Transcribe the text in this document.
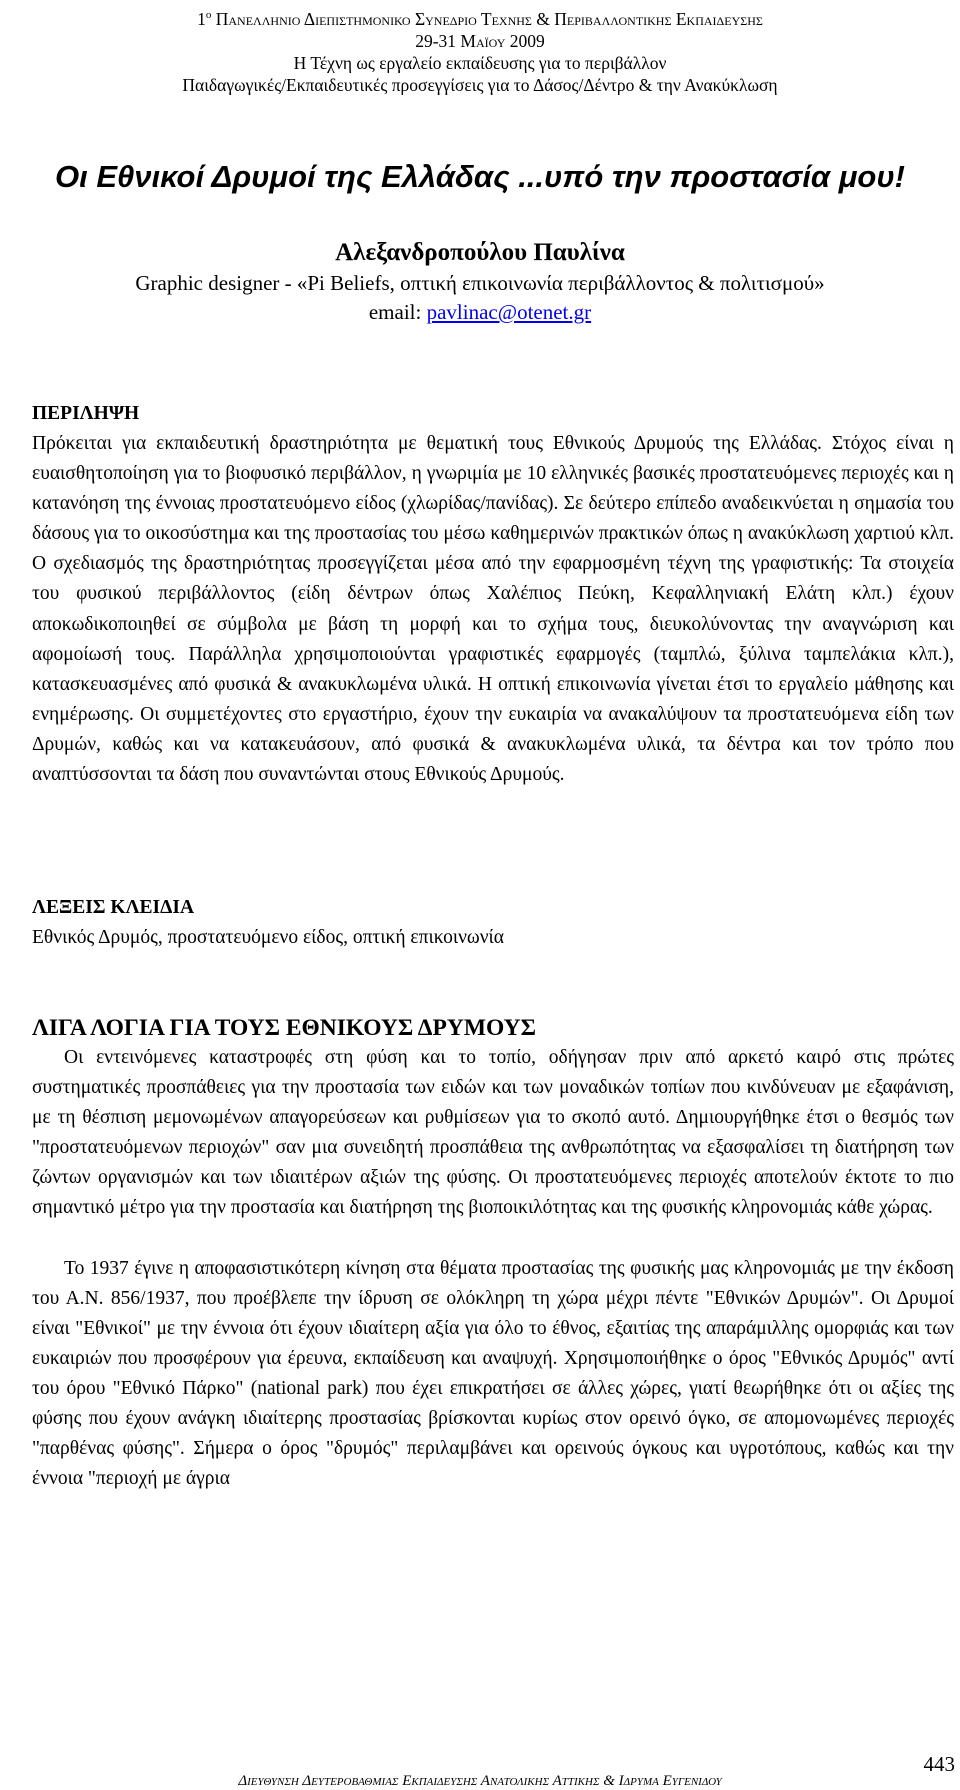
$1^o$ Πανελληνιο Διεπιστημονικο Συνεδριο Τεχνησ & Περιβαλλοντικησ Εκπαιδευσησ
29-31 Μαϊου 2009
Η Τέχνη ως εργαλείο εκπαίδευσης για το περιβάλλον
Παιδαγωγικές/Εκπαιδευτικές προσεγγίσεις για το Δάσος/Δέντρο & την Ανακύκλωση
Οι Εθνικοί Δρυμοί της Ελλάδας ...υπό την προστασία μου!
Αλεξανδροπούλου Παυλίνα
Graphic designer - «Pi Beliefs, οπτική επικοινωνία περιβάλλοντος & πολιτισμού»
email: pavlinac@otenet.gr
ΠΕΡΙΛΗΨΗ

Πρόκειται για εκπαιδευτική δραστηριότητα με θεματική τους Εθνικούς Δρυμούς της Ελλάδας. Στόχος είναι η ευαισθητοποίηση για το βιοφυσικό περιβάλλον, η γνωριμία με 10 ελληνικές βασικές προστατευόμενες περιοχές και η κατανόηση της έννοιας προστατευόμενο είδος (χλωρίδας/πανίδας). Σε δεύτερο επίπεδο αναδεικνύεται η σημασία του δάσους για το οικοσύστημα και της προστασίας του μέσω καθημερινών πρακτικών όπως η ανακύκλωση χαρτιού κλπ. Ο σχεδιασμός της δραστηριότητας προσεγγίζεται μέσα από την εφαρμοσμένη τέχνη της γραφιστικής: Τα στοιχεία του φυσικού περιβάλλοντος (είδη δέντρων όπως Χαλέπιος Πεύκη, Κεφαλληνιακή Ελάτη κλπ.) έχουν αποκωδικοποιηθεί σε σύμβολα με βάση τη μορφή και το σχήμα τους, διευκολύνοντας την αναγνώριση και αφομοίωσή τους. Παράλληλα χρησιμοποιούνται γραφιστικές εφαρμογές (ταμπλώ, ξύλινα ταμπελάκια κλπ.), κατασκευασμένες από φυσικά & ανακυκλωμένα υλικά. Η οπτική επικοινωνία γίνεται έτσι το εργαλείο μάθησης και ενημέρωσης. Οι συμμετέχοντες στο εργαστήριο, έχουν την ευκαιρία να ανακαλύψουν τα προστατευόμενα είδη των Δρυμών, καθώς και να κατακευάσουν, από φυσικά & ανακυκλωμένα υλικά, τα δέντρα και τον τρόπο που αναπτύσσονται τα δάση που συναντώνται στους Εθνικούς Δρυμούς.

ΛΕΞΕΙΣ ΚΛΕΙΔΙΑ

Εθνικός Δρυμός, προστατευόμενο είδος, οπτική επικοινωνία

ΛΙΓΑ ΛΟΓΙΑ ΓΙΑ ΤΟΥΣ ΕΘΝΙΚΟΥΣ ΔΡΥΜΟΥΣ

Οι εντεινόμενες καταστροφές στη φύση και το τοπίο, οδήγησαν πριν από αρκετό καιρό στις πρώτες συστηματικές προσπάθειες για την προστασία των ειδών και των μοναδικών τοπίων που κινδύνευαν με εξαφάνιση, με τη θέσπιση μεμονωμένων απαγορεύσεων και ρυθμίσεων για το σκοπό αυτό. Δημιουργήθηκε έτσι ο θεσμός των "προστατευόμενων περιοχών" σαν μια συνειδητή προσπάθεια της ανθρωπότητας να εξασφαλίσει τη διατήρηση των ζώντων οργανισμών και των ιδιαιτέρων αξιών της φύσης. Οι προστατευόμενες περιοχές αποτελούν έκτοτε το πιο σημαντικό μέτρο για την προστασία και διατήρηση της βιοποικιλότητας και της φυσικής κληρονομιάς κάθε χώρας.

Το 1937 έγινε η αποφασιστικότερη κίνηση στα θέματα προστασίας της φυσικής μας κληρονομιάς με την έκδοση του Α.Ν. 856/1937, που προέβλεπε την ίδρυση σε ολόκληρη τη χώρα μέχρι πέντε "Εθνικών Δρυμών". Οι Δρυμοί είναι "Εθνικοί" με την έννοια ότι έχουν ιδιαίτερη αξία για όλο το έθνος, εξαιτίας της απαράμιλλης ομορφιάς και των ευκαιριών που προσφέρουν για έρευνα, εκπαίδευση και αναψυχή. Χρησιμοποιήθηκε ο όρος "Εθνικός Δρυμός" αντί του όρου "Εθνικό Πάρκο" (national park) που έχει επικρατήσει σε άλλες χώρες, γιατί θεωρήθηκε ότι οι αξίες της φύσης που έχουν ανάγκη ιδιαίτερης προστασίας βρίσκονται κυρίως στον ορεινό όγκο, σε απομονωμένες περιοχές "παρθένας φύσης". Σήμερα ο όρος "δρυμός" περιλαμβάνει και ορεινούς όγκους και υγροτόπους, καθώς και την έννοια "περιοχή με άγρια

443
Διευθυνση Δευτεροβαθμιασ Εκπαιδευσησ Ανατολικησ Αττικησ & Ιδρυμα Ευγενιδου
